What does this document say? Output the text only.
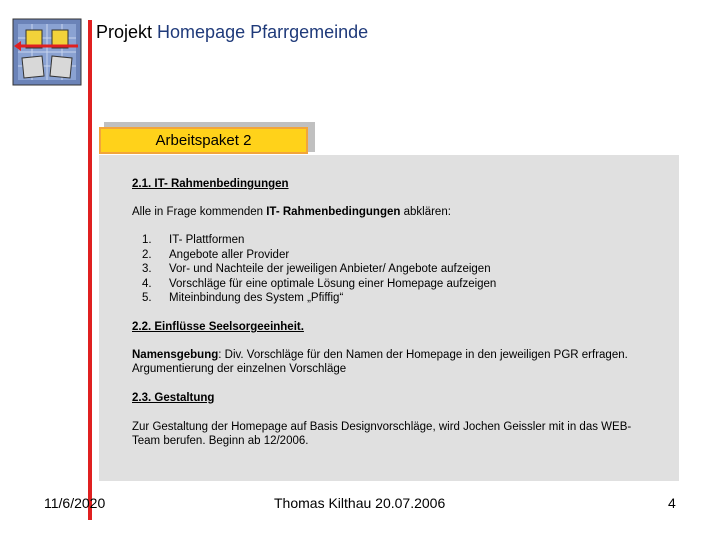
Projekt Homepage Pfarrgemeinde
Arbeitspaket 2
2.1. IT- Rahmenbedingungen
Alle in Frage kommenden IT- Rahmenbedingungen abklären:
1.	IT- Plattformen
2.	Angebote aller Provider
3.	Vor- und Nachteile der jeweiligen Anbieter/ Angebote aufzeigen
4.	Vorschläge für eine optimale Lösung einer Homepage aufzeigen
5.	Miteinbindung des System „Pfiffig“
2.2. Einflüsse Seelsorgeeinheit.
Namensgebung: Div. Vorschläge für den Namen der Homepage in den jeweiligen PGR erfragen.
Argumentierung der einzelnen Vorschläge
2.3. Gestaltung
Zur Gestaltung der Homepage auf Basis Designvorschläge, wird Jochen Geissler mit in das WEB-
Team berufen. Beginn ab 12/2006.
11/6/2020	Thomas Kilthau 20.07.2006	4
